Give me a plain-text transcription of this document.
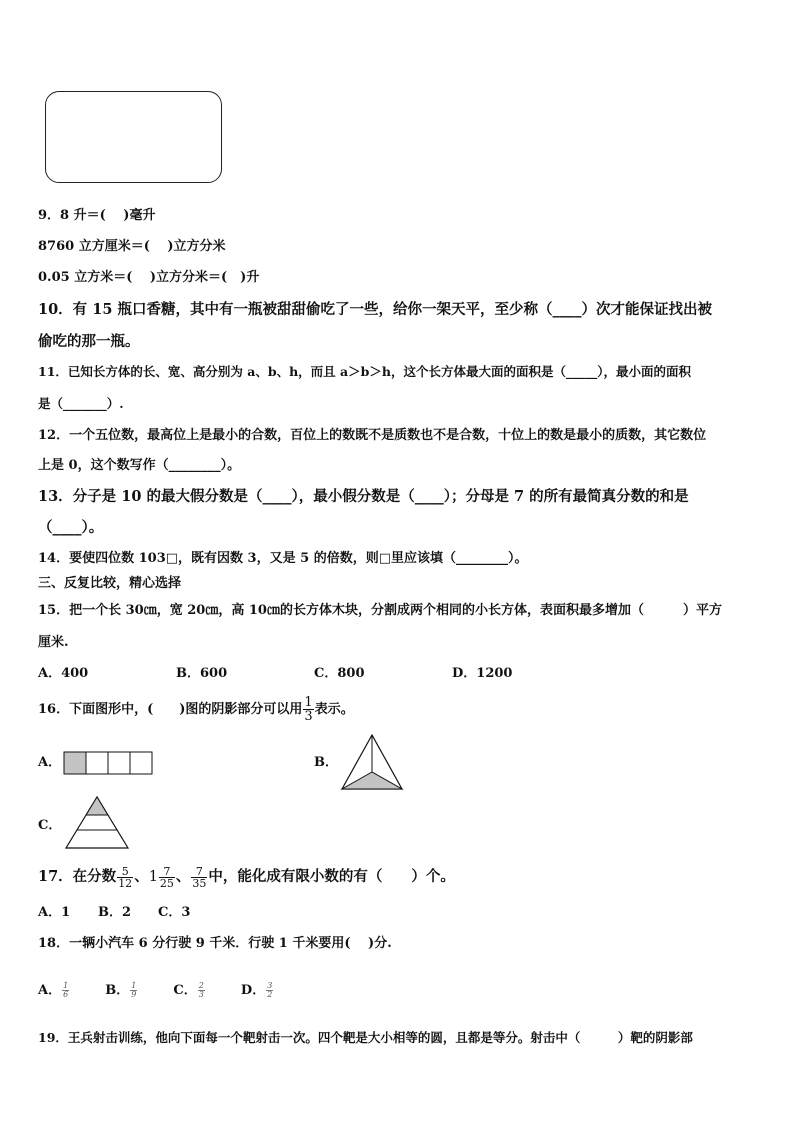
9．8 升＝(　 )毫升
8760 立方厘米＝(　 )立方分米
0.05 立方米＝(　 )立方分米＝(　)升
10．有 15 瓶口香糖，其中有一瓶被甜甜偷吃了一些，给你一架天平，至少称（____）次才能保证找出被
偷吃的那一瓶。
11．已知长方体的长、宽、高分别为 a、b、h，而且 a＞b＞h，这个长方体最大面的面积是（_____），最小面的面积
是（_______）.
12．一个五位数，最高位上是最小的合数，百位上的数既不是质数也不是合数，十位上的数是最小的质数，其它数位
上是 0，这个数写作（________）。
13．分子是 10 的最大假分数是（____），最小假分数是（____）；分母是 7 的所有最简真分数的和是
（____）。
14．要使四位数 103□，既有因数 3，又是 5 的倍数，则□里应该填（________）。
三、反复比较，精心选择
15．把一个长 30㎝，宽 20㎝，高 10㎝的长方体木块，分割成两个相同的小长方体，表面积最多增加（　　　）平方
厘米.
A．400	B．600	C．800	D．1200
16．下面图形中，(　　)图的阴影部分可以用 $\frac{1}{3}$ 表示。
A．	B．
C．
17．在分数 $\frac{5}{12}$ 、$1 \frac{7}{25}$ 、 $\frac{7}{35}$ 中，能化成有限小数的有（　　）个。
A．1 B．2 C．3
18．一辆小汽车 6 分行驶 9 千米．行驶 1 千米要用(　 )分.
A． $\frac{1}{6}$	B． $\frac{1}{9}$	C． $\frac{2}{3}$	D． $\frac{3}{2}$
19．王兵射击训练，他向下面每一个靶射击一次。四个靶是大小相等的圆，且都是等分。射击中（　　　）靶的阴影部
